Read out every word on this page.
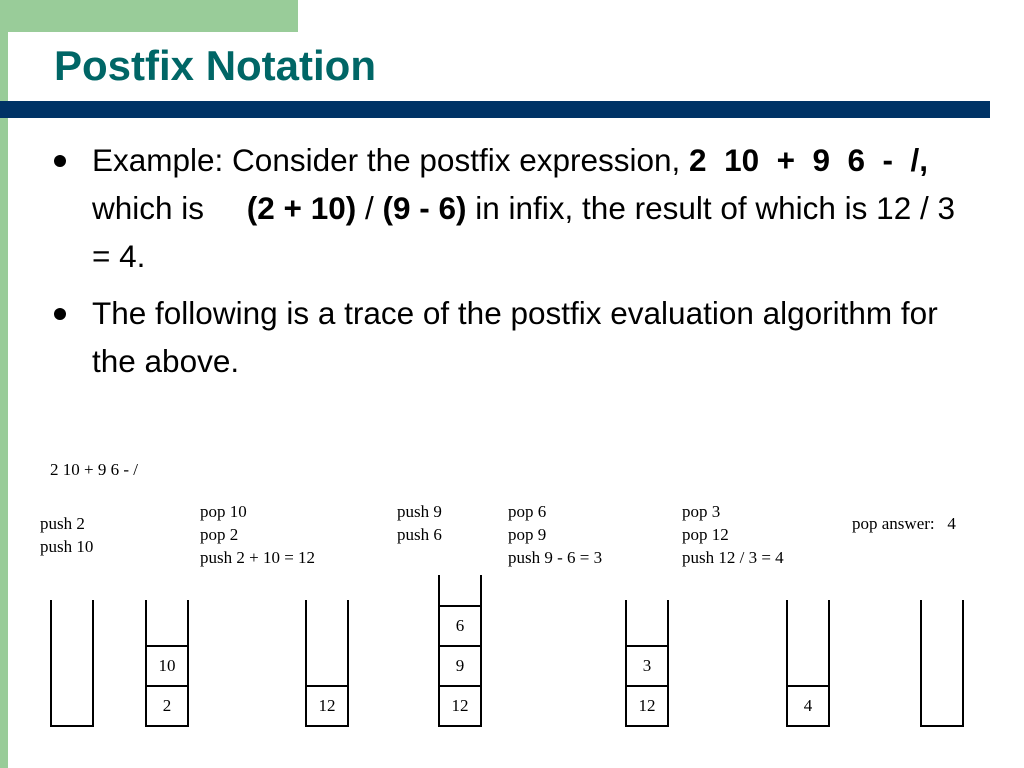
Postfix Notation
Example: Consider the postfix expression, 2  10  +  9  6  -  /, which is (2 + 10) / (9 - 6) in infix, the result of which is 12 / 3 = 4.
The following is a trace of the postfix evaluation algorithm for the above.
2 10 + 9 6 - /
push 2
push 10
pop 10
pop 2
push 2 + 10 = 12
2
10
push 9
push 6
12
pop 6
pop 9
push 9 - 6 = 3
12
9
6
pop 3
pop 12
push 12 / 3 = 4
12
3
pop answer:   4
4
